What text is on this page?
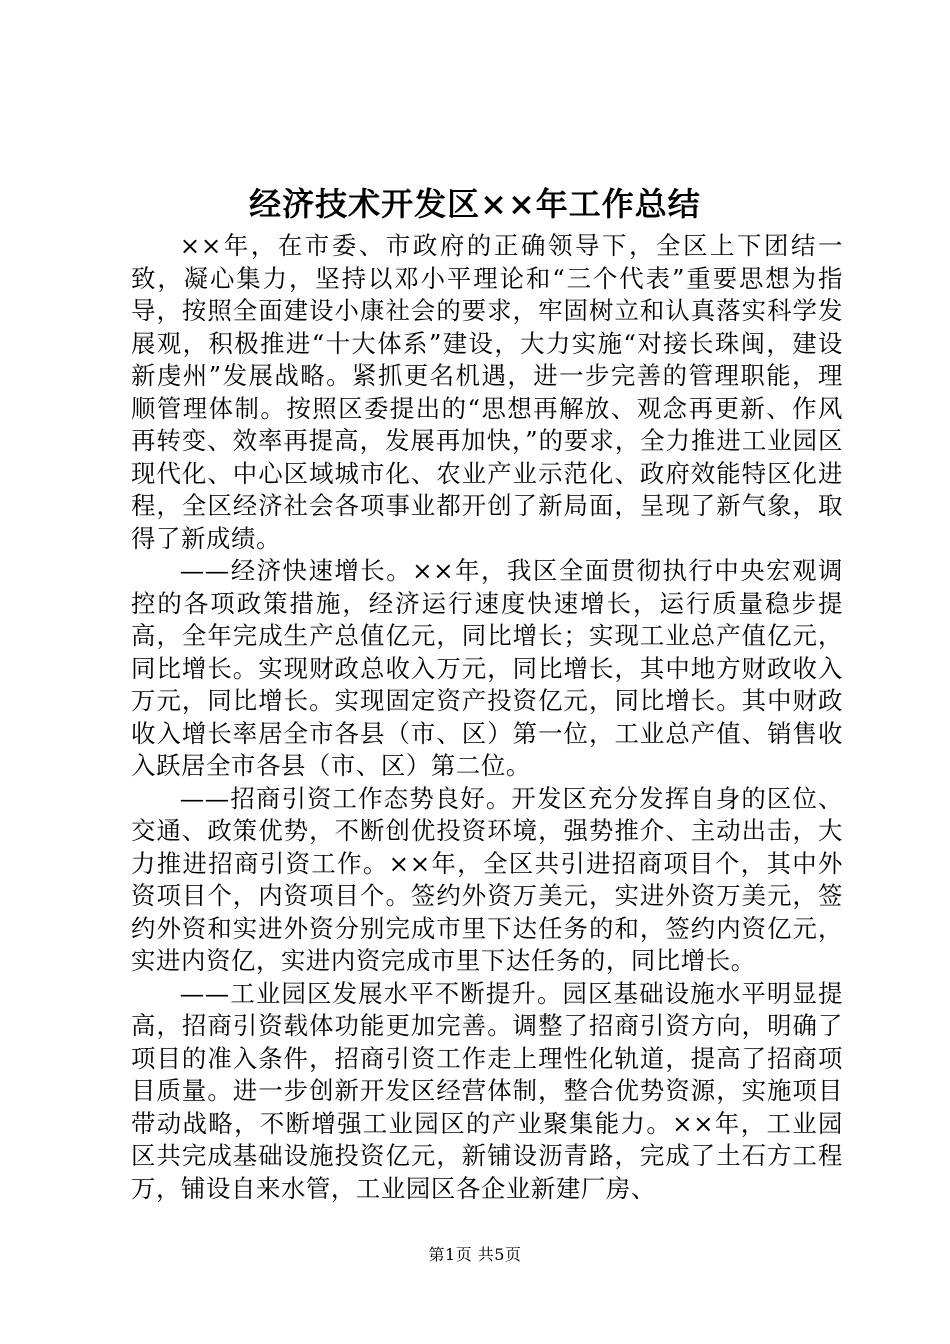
经济技术开发区××年工作总结

××年，在市委、市政府的正确领导下，全区上下团结一致，凝心集力，坚持以邓小平理论和“三个代表”重要思想为指导，按照全面建设小康社会的要求，牢固树立和认真落实科学发展观，积极推进“十大体系”建设，大力实施“对接长珠闽，建设新虔州”发展战略。紧抓更名机遇，进一步完善的管理职能，理顺管理体制。按照区委提出的“思想再解放、观念再更新、作风再转变、效率再提高，发展再加快，”的要求，全力推进工业园区现代化、中心区域城市化、农业产业示范化、政府效能特区化进程，全区经济社会各项事业都开创了新局面，呈现了新气象，取得了新成绩。

——经济快速增长。××年，我区全面贯彻执行中央宏观调控的各项政策措施，经济运行速度快速增长，运行质量稳步提高，全年完成生产总值亿元，同比增长；实现工业总产值亿元，同比增长。实现财政总收入万元，同比增长，其中地方财政收入万元，同比增长。实现固定资产投资亿元，同比增长。其中财政收入增长率居全市各县（市、区）第一位，工业总产值、销售收入跃居全市各县（市、区）第二位。

——招商引资工作态势良好。开发区充分发挥自身的区位、交通、政策优势，不断创优投资环境，强势推介、主动出击，大力推进招商引资工作。××年，全区共引进招商项目个，其中外资项目个，内资项目个。签约外资万美元，实进外资万美元，签约外资和实进外资分别完成市里下达任务的和，签约内资亿元，实进内资亿，实进内资完成市里下达任务的，同比增长。

——工业园区发展水平不断提升。园区基础设施水平明显提高，招商引资载体功能更加完善。调整了招商引资方向，明确了项目的准入条件，招商引资工作走上理性化轨道，提高了招商项目质量。进一步创新开发区经营体制，整合优势资源，实施项目带动战略，不断增强工业园区的产业聚集能力。××年，工业园区共完成基础设施投资亿元，新铺设沥青路，完成了土石方工程万，铺设自来水管，工业园区各企业新建厂房、

第1页 共5页
